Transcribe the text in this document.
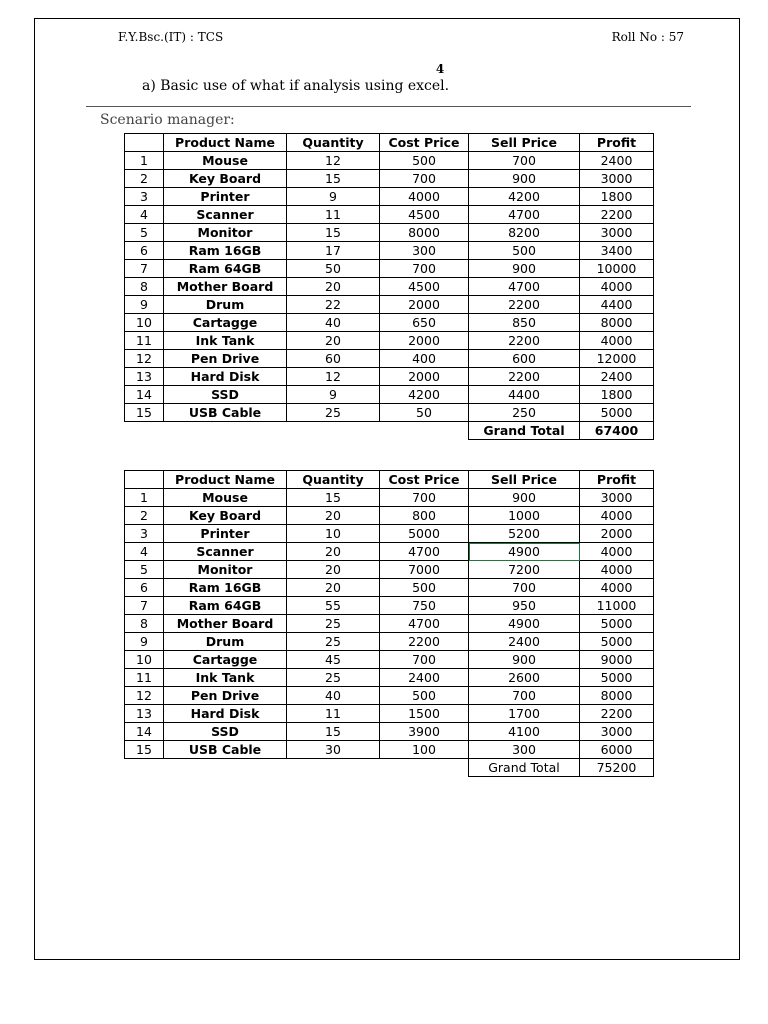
F.Y.Bsc.(IT) : TCS	Roll No : 57
4
a) Basic use of what if analysis using excel.
Scenario manager:
	Product Name	Quantity	Cost Price	Sell Price	Profit
1	Mouse	12	500	700	2400
2	Key Board	15	700	900	3000
3	Printer	9	4000	4200	1800
4	Scanner	11	4500	4700	2200
5	Monitor	15	8000	8200	3000
6	Ram 16GB	17	300	500	3400
7	Ram 64GB	50	700	900	10000
8	Mother Board	20	4500	4700	4000
9	Drum	22	2000	2200	4400
10	Cartagge	40	650	850	8000
11	Ink Tank	20	2000	2200	4000
12	Pen Drive	60	400	600	12000
13	Hard Disk	12	2000	2200	2400
14	SSD	9	4200	4400	1800
15	USB Cable	25	50	250	5000
				Grand Total	67400
	Product Name	Quantity	Cost Price	Sell Price	Profit
1	Mouse	15	700	900	3000
2	Key Board	20	800	1000	4000
3	Printer	10	5000	5200	2000
4	Scanner	20	4700	4900	4000
5	Monitor	20	7000	7200	4000
6	Ram 16GB	20	500	700	4000
7	Ram 64GB	55	750	950	11000
8	Mother Board	25	4700	4900	5000
9	Drum	25	2200	2400	5000
10	Cartagge	45	700	900	9000
11	Ink Tank	25	2400	2600	5000
12	Pen Drive	40	500	700	8000
13	Hard Disk	11	1500	1700	2200
14	SSD	15	3900	4100	3000
15	USB Cable	30	100	300	6000
				Grand Total	75200
